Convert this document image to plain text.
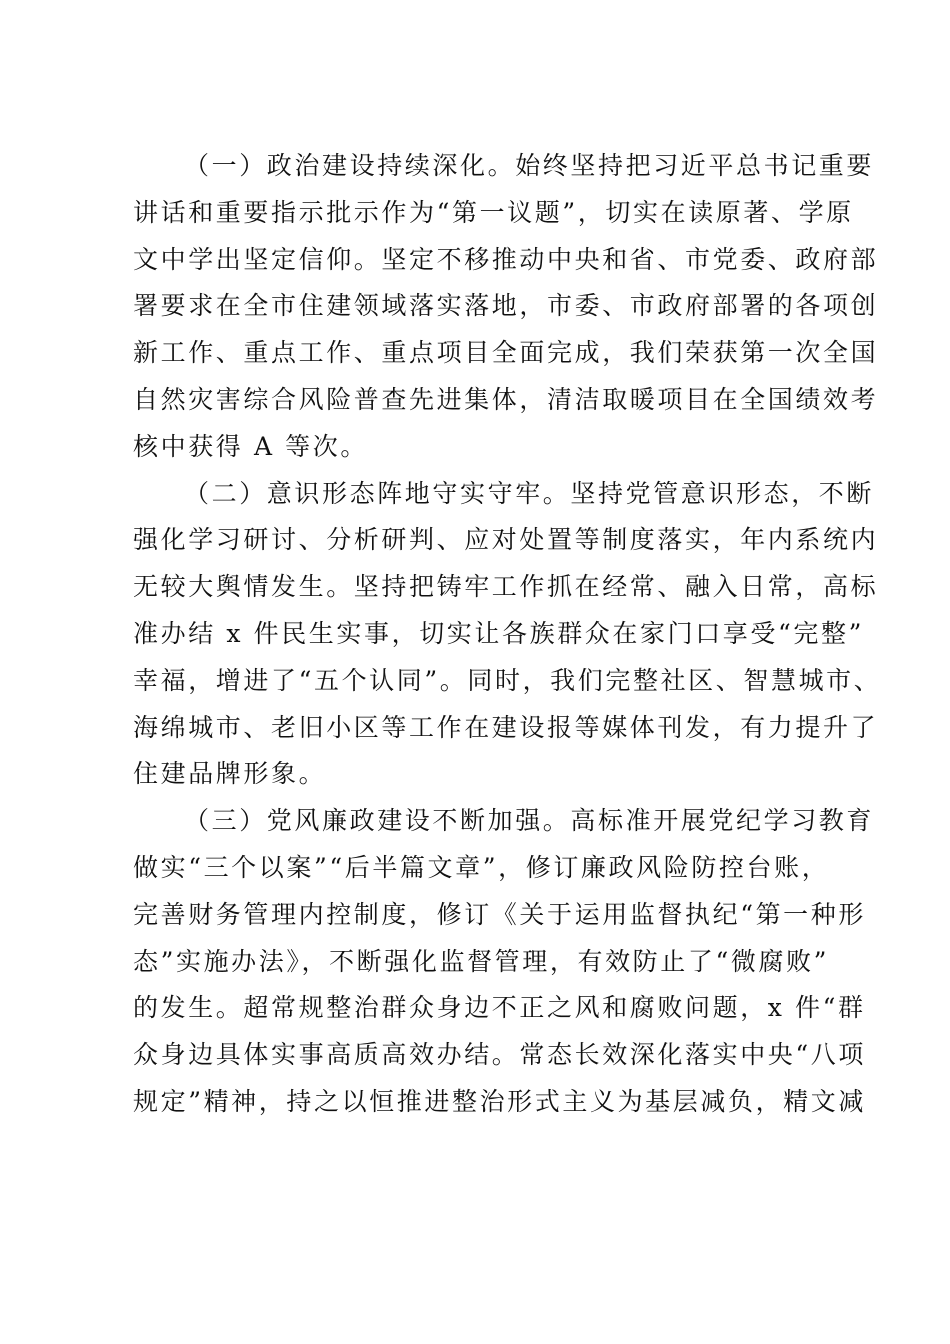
（一）政治建设持续深化。始终坚持把习近平总书记重要
讲话和重要指示批示作为“第一议题”，切实在读原著、学原
文中学出坚定信仰。坚定不移推动中央和省、市党委、政府部
署要求在全市住建领域落实落地，市委、市政府部署的各项创
新工作、重点工作、重点项目全面完成，我们荣获第一次全国
自然灾害综合风险普查先进集体，清洁取暖项目在全国绩效考
核中获得 A 等次。
（二）意识形态阵地守实守牢。坚持党管意识形态，不断
强化学习研讨、分析研判、应对处置等制度落实，年内系统内
无较大舆情发生。坚持把铸牢工作抓在经常、融入日常，高标
准办结 x 件民生实事，切实让各族群众在家门口享受“完整”
幸福，增进了“五个认同”。同时，我们完整社区、智慧城市、
海绵城市、老旧小区等工作在建设报等媒体刊发，有力提升了
住建品牌形象。
（三）党风廉政建设不断加强。高标准开展党纪学习教育
做实“三个以案”“后半篇文章”，修订廉政风险防控台账，
完善财务管理内控制度，修订《关于运用监督执纪“第一种形
态”实施办法》，不断强化监督管理，有效防止了“微腐败”
的发生。超常规整治群众身边不正之风和腐败问题，x 件“群
众身边具体实事高质高效办结。常态长效深化落实中央“八项
规定”精神，持之以恒推进整治形式主义为基层减负，精文减
